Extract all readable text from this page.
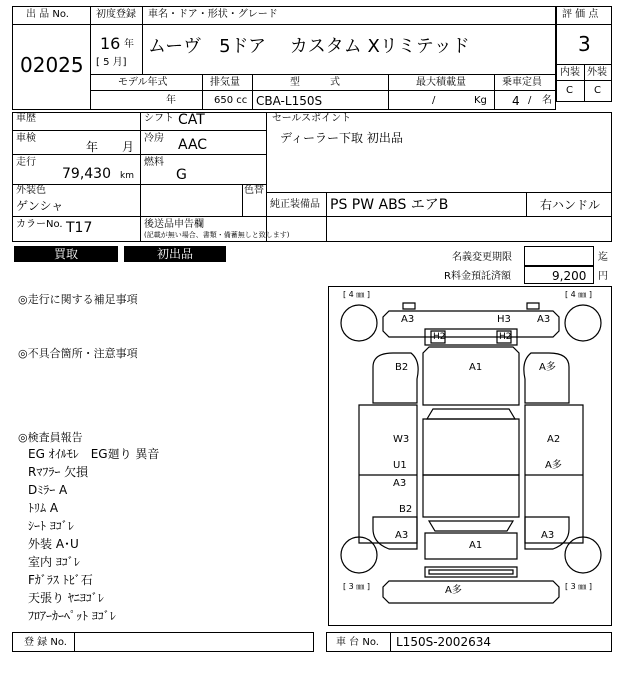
出 品 No.
02025
初度登録 車名・ドア・形状・グレード
16 年
[ 5 月]
ムーヴ　5ドア　 カスタム Xリミテッド
モデル年式	排気量	型　　　式	最大積載量	乗車定員
年	650 cc CBA-L150S	/	Kg 4 / 名
評 価 点
3
内装 外装
C C
車歴
車検
年 月
走行
79,430 km
シフト CAT
冷房 AAC
燃料
G
セールスポイント
ディーラー下取 初出品
外装色
ゲンシャ
色替
純正装備品 PS PW ABS エアB	右ハンドル
カラーNo. T17	後送品申告欄
(記載が無い場合、書類・備蓄無しと致します)
買取	初出品	名義変更期限	迄
R料金預託済額	9,200 円
◎走行に関する補足事項
◎不具合箇所・注意事項
◎検査員報告
EG ｵｲﾙﾓﾚ　EG廻り 異音
Rﾏﾌﾗｰ 欠損
Dﾐﾗｰ A
ﾄﾘﾑ A
ｼｰﾄ ﾖｺﾞﾚ
外装 A･U
室内 ﾖｺﾞﾚ
Fｶﾞﾗｽ ﾄﾋﾞ石
天張り ﾔﾆﾖｺﾞﾚ
ﾌﾛｱｰｶｰﾍﾟｯﾄ ﾖｺﾞﾚ
[ 4 ㎜ ]	[ 4 ㎜ ]
[ 3 ㎜ ]	[ 3 ㎜ ]
A3	H3	A3
H2	H2
B2	A1	A多
W3	A2
U1
A3
A多
B2
A3	A3
A1
A多
登 録 No.	車 台 No. L150S-2002634
